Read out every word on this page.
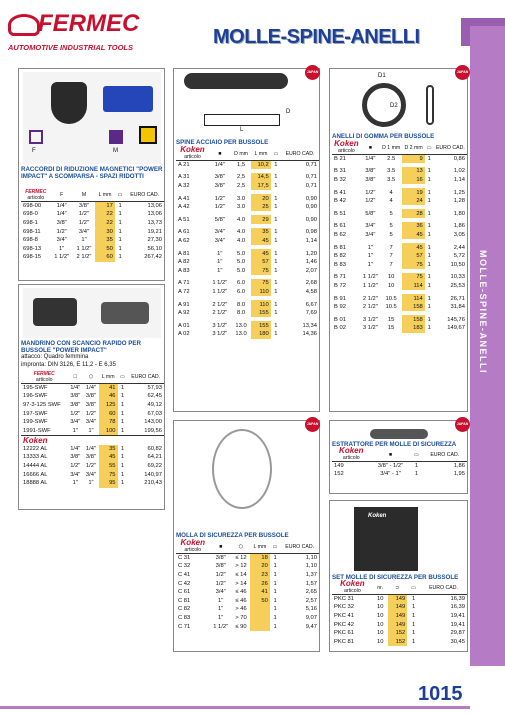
FERMEC
AUTOMOTIVE INDUSTRIAL TOOLS	MOLLE-SPINE-ANELLI
MOLLE-SPINE-ANELLI
F	M
RACCORDI DI RIDUZIONE MAGNETICI "POWER IMPACT" A SCOMPARSA - SPAZI RIDOTTI
FERMEC
articolo	F	M	L mm	▭	EURO CAD.
698-00	1/4"	3/8"	17	1	13,06
698-0	1/4"	1/2"	22	1	13,06
698-1	3/8"	1/2"	22	1	13,73
698-11	1/2"	3/4"	30	1	19,21
698-8	3/4"	1"	35	1	27,30
698-13	1"	1 1/2"	50	1	56,10
698-15	1 1/2"	2 1/2"	60	1	267,42
MANDRINO CON SCANCIO RAPIDO PER BUSSOLE "POWER IMPACT"
attacco: Quadro femmina
impronta: DIN 3126, E 11,2 - E 6,35
FERMEC
articolo	□	⬡	L mm	▭	EURO CAD.
195-SWF	1/4"	1/4"	41	1	57,93
196-SWF	3/8"	3/8"	46	1	62,45
97-3-125 SWF	3/8"	3/8"	125	1	49,12
197-SWF	1/2"	1/2"	60	1	67,03
199-SWF	3/4"	3/4"	78	1	143,00
1991-SWF	1"	1"	100	1	199,56
Koken					
12222 AL	1/4"	1/4"	35	1	60,82
13333 AL	3/8"	3/8"	45	1	64,21
14444 AL	1/2"	1/2"	55	1	69,22
16666 AL	3/4"	3/4"	75	1	140,97
18888 AL	1"	1"	95	1	210,43
JAPAN
D
L
SPINE ACCIAIO PER BUSSOLE
Koken
articolo	■	D mm	L mm	▭	EURO CAD.
A 21	1/4"	1,5	10,2	1	0,71

A 31	3/8"	2,5	14,5	1	0,71
A 32	3/8"	2,5	17,5	1	0,71

A 41	1/2"	3.0	20	1	0,90
A 42	1/2"	3.0	25	1	0,90

A 51	5/8"	4.0	29	1	0,90

A 61	3/4"	4.0	35	1	0,98
A 62	3/4"	4.0	45	1	1,14

A 81	1"	5.0	45	1	1,20
A 82	1"	5.0	57	1	1,46
A 83	1"	5.0	75	1	2,07

A 71	1 1/2"	6.0	75	1	2,68
A 72	1 1/2"	6.0	110	1	4,58

A 91	2 1/2"	8.0	110	1	6,67
A 92	2 1/2"	8.0	155	1	7,69

A 01	3 1/2"	13.0	155	1	13,34
A 02	3 1/2"	13.0	180	1	14,36
JAPAN
D1
D2
ANELLI DI GOMMA PER BUSSOLE
Koken
articolo	■	D 1 mm	D 2 mm	▭	EURO CAD.
B 21	1/4"	2.5	9	1	0,86

B 31	3/8"	3.5	13	1	1,02
B 32	3/8"	3.5	16	1	1,14

B 41	1/2"	4	19	1	1,25
B 42	1/2"	4	24	1	1,28

B 51	5/8"	5	28	1	1,80

B 61	3/4"	5	36	1	1,86
B 62	3/4"	5	45	1	3,05

B 81	1"	7	45	1	2,44
B 82	1"	7	57	1	5,72
B 83	1"	7	75	1	10,50

B 71	1 1/2"	10	75	1	10,33
B 72	1 1/2"	10	114	1	25,53

B 91	2 1/2"	10.5	114	1	26,71
B 92	2 1/2"	10.5	158	1	31,84

B 01	3 1/2"	15	158	1	145,76
B 02	3 1/2"	15	183	1	149,67
JAPAN
MOLLA DI SICUREZZA PER BUSSOLE
Koken
articolo	■	⬡	L mm	▭	EURO CAD.
C 31	3/8"	≤ 12	18	1	1,10
C 32	3/8"	> 12	20	1	1,10
C 41	1/2"	≤ 14	23	1	1,37
C 42	1/2"	> 14	26	1	1,57
C 61	3/4"	≤ 46	41	1	2,65
C 81	1"	≤ 46	50	1	2,57
C 82	1"	> 46		1	5,16
C 83	1"	> 70		1	9,07
C 71	1 1/2"	≤ 90		1	9,47
JAPAN
ESTRATTORE PER MOLLE DI SICUREZZA
Koken
articolo	■	▭	EURO CAD.
149	3/8" - 1/2"	1	1,86
152	3/4" - 1"	1	1,95
Koken
SET MOLLE DI SICUREZZA PER BUSSOLE
Koken
articolo	nr.	⊃	▭	EURO CAD.
PKC 31	10	149	1	16,39
PKC 32	10	149	1	16,39
PKC 41	10	149	1	19,41
PKC 42	10	149	1	19,41
PKC 61	10	152	1	29,87
PKC 81	10	152	1	30,45
1015
